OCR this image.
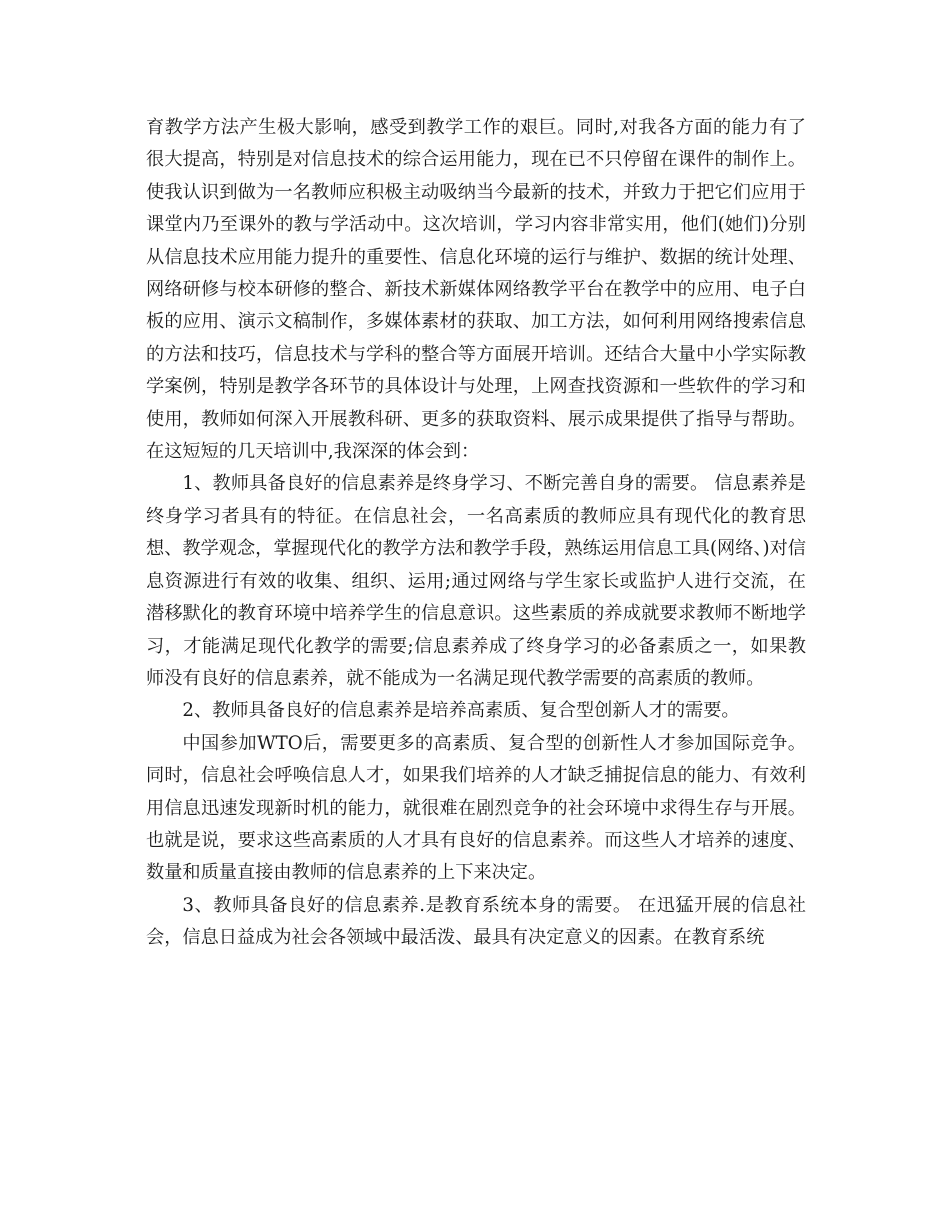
育教学方法产生极大影响，感受到教学工作的艰巨。同时,对我各方面的能力有了很大提高，特别是对信息技术的综合运用能力，现在已不只停留在课件的制作上。使我认识到做为一名教师应积极主动吸纳当今最新的技术，并致力于把它们应用于课堂内乃至课外的教与学活动中。这次培训，学习内容非常实用，他们(她们)分别从信息技术应用能力提升的重要性、信息化环境的运行与维护、数据的统计处理、网络研修与校本研修的整合、新技术新媒体网络教学平台在教学中的应用、电子白板的应用、演示文稿制作，多媒体素材的获取、加工方法，如何利用网络搜索信息的方法和技巧，信息技术与学科的整合等方面展开培训。还结合大量中小学实际教学案例，特别是教学各环节的具体设计与处理，上网查找资源和一些软件的学习和使用，教师如何深入开展教科研、更多的获取资料、展示成果提供了指导与帮助。在这短短的几天培训中,我深深的体会到：

1、教师具备良好的信息素养是终身学习、不断完善自身的需要。 信息素养是终身学习者具有的特征。在信息社会，一名高素质的教师应具有现代化的教育思想、教学观念，掌握现代化的教学方法和教学手段，熟练运用信息工具(网络、)对信息资源进行有效的收集、组织、运用;通过网络与学生家长或监护人进行交流，在潜移默化的教育环境中培养学生的信息意识。这些素质的养成就要求教师不断地学习，才能满足现代化教学的需要;信息素养成了终身学习的必备素质之一，如果教师没有良好的信息素养，就不能成为一名满足现代教学需要的高素质的教师。

2、教师具备良好的信息素养是培养高素质、复合型创新人才的需要。

中国参加WTO后，需要更多的高素质、复合型的创新性人才参加国际竞争。同时，信息社会呼唤信息人才，如果我们培养的人才缺乏捕捉信息的能力、有效利用信息迅速发现新时机的能力，就很难在剧烈竞争的社会环境中求得生存与开展。也就是说，要求这些高素质的人才具有良好的信息素养。而这些人才培养的速度、数量和质量直接由教师的信息素养的上下来决定。

3、教师具备良好的信息素养.是教育系统本身的需要。 在迅猛开展的信息社会，信息日益成为社会各领域中最活泼、最具有决定意义的因素。在教育系统
